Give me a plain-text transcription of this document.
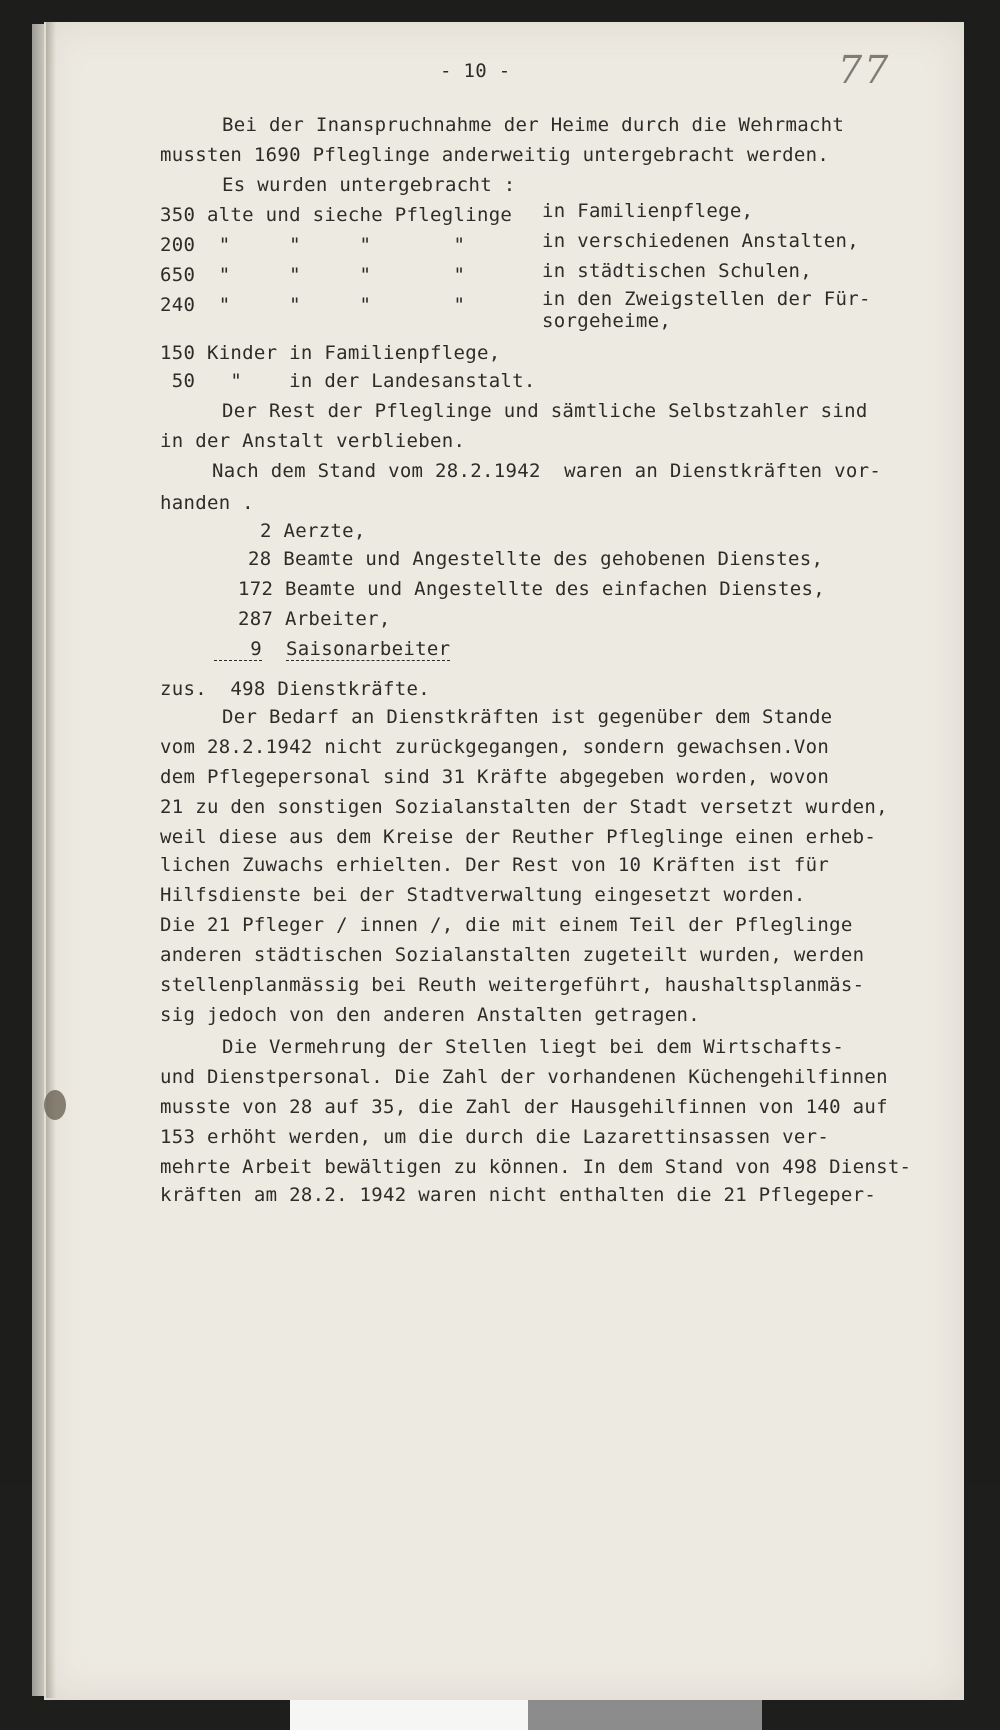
- 10 -	77
Bei der Inanspruchnahme der Heime durch die Wehrmacht
mussten 1690 Pfleglinge anderweitig untergebracht werden.
Es wurden untergebracht :
350 alte und sieche Pfleglinge in Familienpflege,
200  "     "     "       "	in verschiedenen Anstalten,
650  "     "     "       "	in städtischen Schulen,
240  "     "     "       "	in den Zweigstellen der Für-
sorgeheime,
150 Kinder in Familienpflege,
50   "    in der Landesanstalt.
Der Rest der Pfleglinge und sämtliche Selbstzahler sind
in der Anstalt verblieben.
Nach dem Stand vom 28.2.1942  waren an Dienstkräften vor-
handen .
2 Aerzte,
28 Beamte und Angestellte des gehobenen Dienstes,
172 Beamte und Angestellte des einfachen Dienstes,
287 Arbeiter,
9 Saisonarbeiter
zus.  498 Dienstkräfte.
Der Bedarf an Dienstkräften ist gegenüber dem Stande
vom 28.2.1942 nicht zurückgegangen, sondern gewachsen.Von
dem Pflegepersonal sind 31 Kräfte abgegeben worden, wovon
21 zu den sonstigen Sozialanstalten der Stadt versetzt wurden,
weil diese aus dem Kreise der Reuther Pfleglinge einen erheb-
lichen Zuwachs erhielten. Der Rest von 10 Kräften ist für
Hilfsdienste bei der Stadtverwaltung eingesetzt worden.
Die 21 Pfleger / innen /, die mit einem Teil der Pfleglinge
anderen städtischen Sozialanstalten zugeteilt wurden, werden
stellenplanmässig bei Reuth weitergeführt, haushaltsplanmäs-
sig jedoch von den anderen Anstalten getragen.
Die Vermehrung der Stellen liegt bei dem Wirtschafts-
und Dienstpersonal. Die Zahl der vorhandenen Küchengehilfinnen
musste von 28 auf 35, die Zahl der Hausgehilfinnen von 140 auf
153 erhöht werden, um die durch die Lazarettinsassen ver-
mehrte Arbeit bewältigen zu können. In dem Stand von 498 Dienst-
kräften am 28.2. 1942 waren nicht enthalten die 21 Pflegeper-
